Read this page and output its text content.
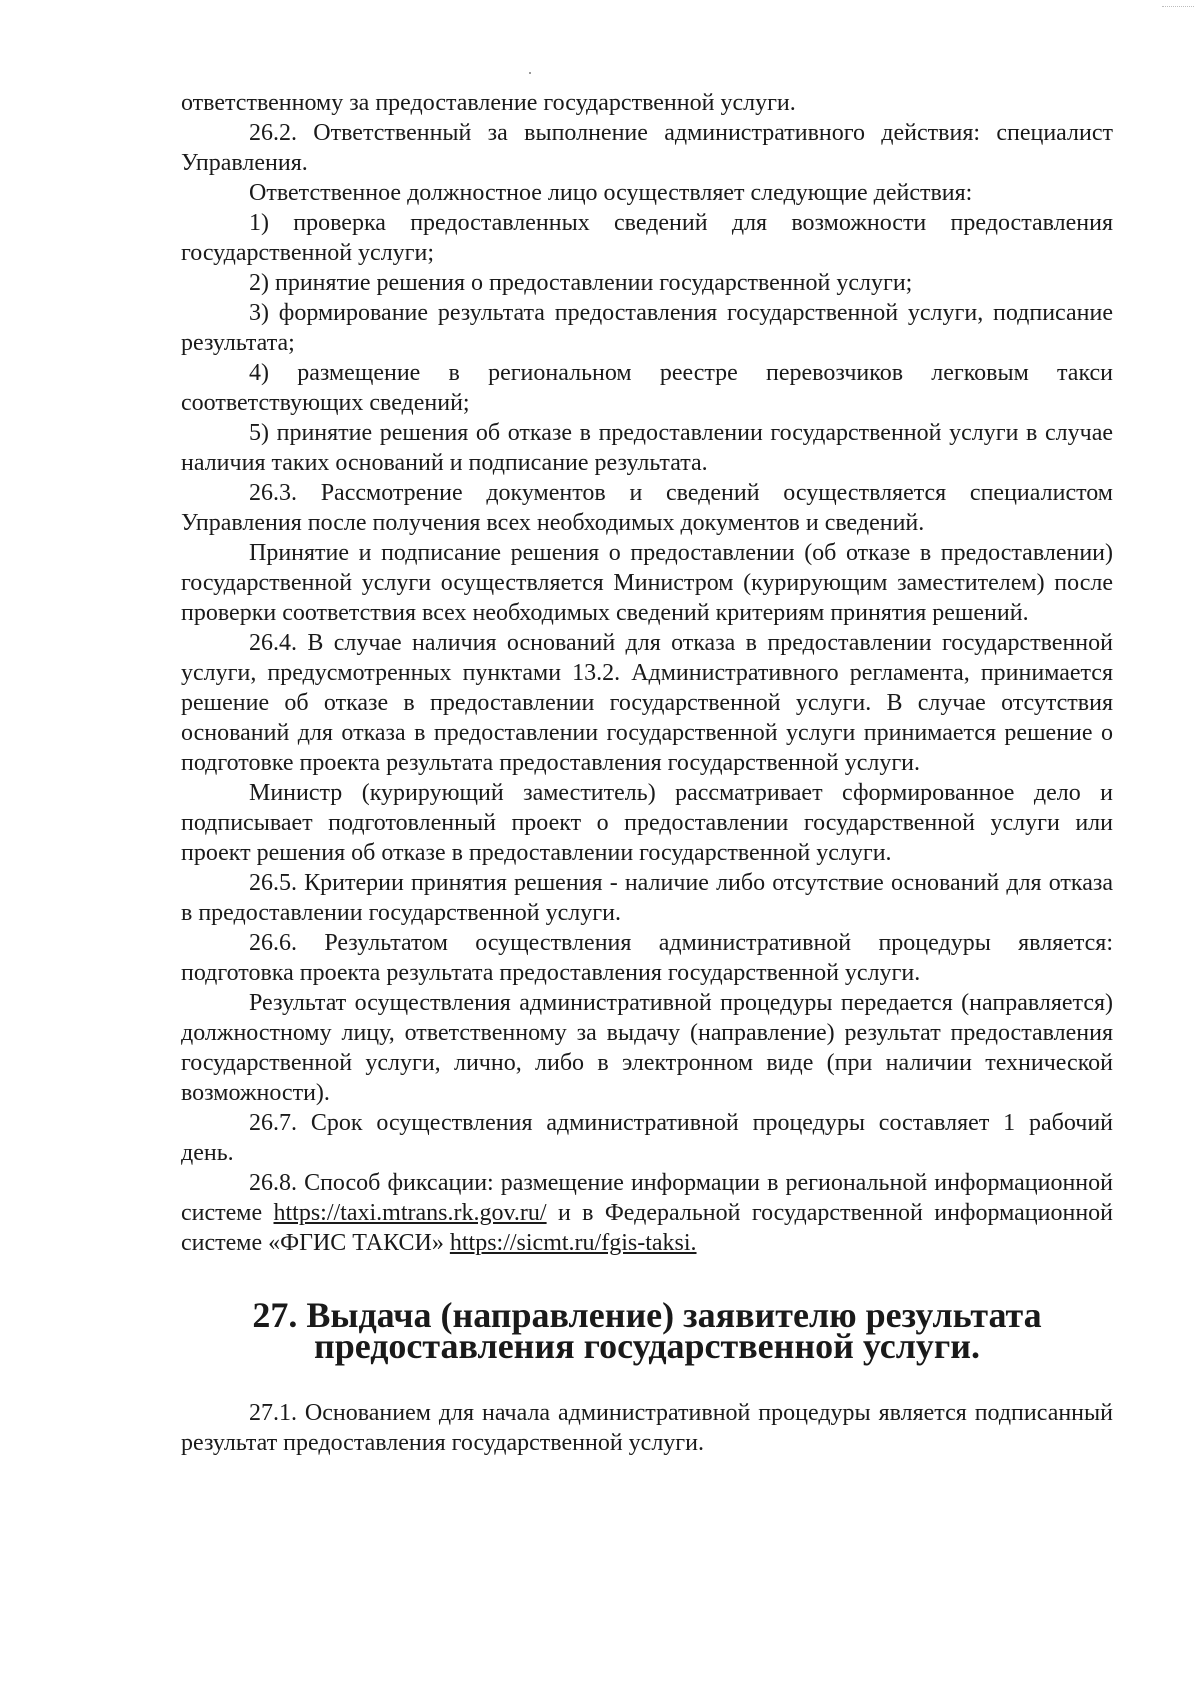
ответственному за предоставление государственной услуги.

26.2. Ответственный за выполнение административного действия: специалист Управления.

Ответственное должностное лицо осуществляет следующие действия:

1) проверка предоставленных сведений для возможности предоставления государственной услуги;

2) принятие решения о предоставлении государственной услуги;

3) формирование результата предоставления государственной услуги, подписание результата;

4) размещение в региональном реестре перевозчиков легковым такси соответствующих сведений;

5) принятие решения об отказе в предоставлении государственной услуги в случае наличия таких оснований и подписание результата.

26.3. Рассмотрение документов и сведений осуществляется специалистом Управления после получения всех необходимых документов и сведений.

Принятие и подписание решения о предоставлении (об отказе в предоставлении) государственной услуги осуществляется Министром (курирующим заместителем) после проверки соответствия всех необходимых сведений критериям принятия решений.

26.4. В случае наличия оснований для отказа в предоставлении государственной услуги, предусмотренных пунктами 13.2. Административного регламента, принимается решение об отказе в предоставлении государственной услуги. В случае отсутствия оснований для отказа в предоставлении государственной услуги принимается решение о подготовке проекта результата предоставления государственной услуги.

Министр (курирующий заместитель) рассматривает сформированное дело и подписывает подготовленный проект о предоставлении государственной услуги или проект решения об отказе в предоставлении государственной услуги.

26.5. Критерии принятия решения - наличие либо отсутствие оснований для отказа в предоставлении государственной услуги.

26.6. Результатом осуществления административной процедуры является: подготовка проекта результата предоставления государственной услуги.

Результат осуществления административной процедуры передается (направляется) должностному лицу, ответственному за выдачу (направление) результат предоставления государственной услуги, лично, либо в электронном виде (при наличии технической возможности).

26.7. Срок осуществления административной процедуры составляет 1 рабочий день.

26.8. Способ фиксации: размещение информации в региональной информационной системе https://taxi.mtrans.rk.gov.ru/ и в Федеральной государственной информационной системе «ФГИС ТАКСИ» https://sicmt.ru/fgis-taksi.

27. Выдача (направление) заявителю результата предоставления государственной услуги.

27.1. Основанием для начала административной процедуры является подписанный результат предоставления государственной услуги.
